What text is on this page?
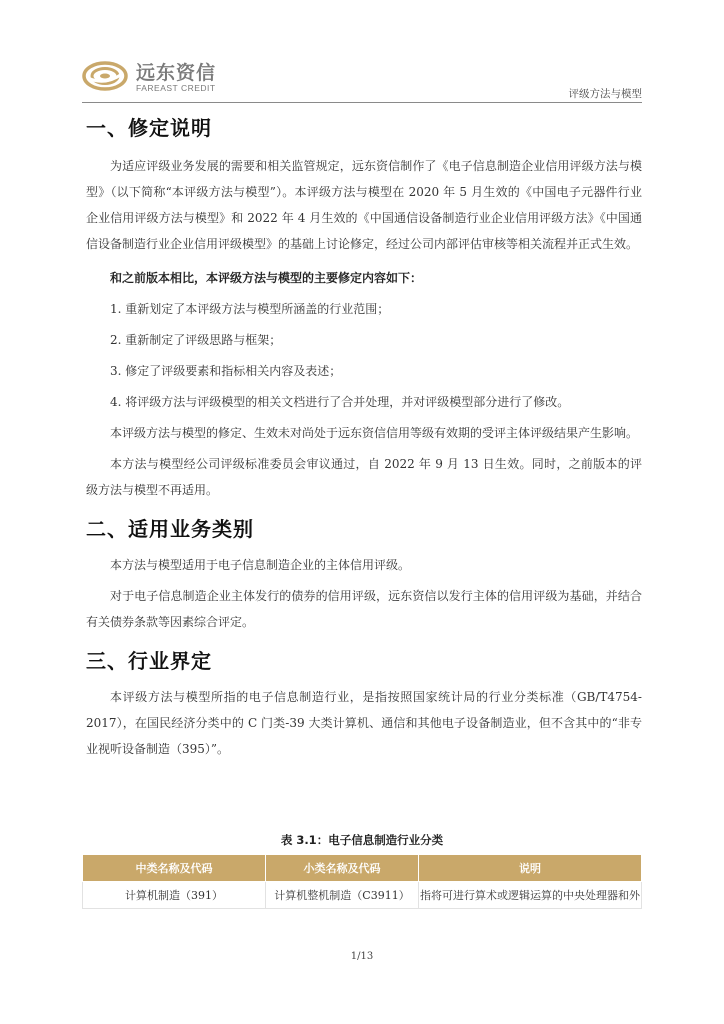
远东资信
FAREAST CREDIT	评级方法与模型
一、修定说明

为适应评级业务发展的需要和相关监管规定，远东资信制作了《电子信息制造企业信用评级方法与模型》（以下简称“本评级方法与模型”）。本评级方法与模型在 2020 年 5 月生效的《中国电子元器件行业企业信用评级方法与模型》和 2022 年 4 月生效的《中国通信设备制造行业企业信用评级方法》《中国通信设备制造行业企业信用评级模型》的基础上讨论修定，经过公司内部评估审核等相关流程并正式生效。

和之前版本相比，本评级方法与模型的主要修定内容如下：

1. 重新划定了本评级方法与模型所涵盖的行业范围；

2. 重新制定了评级思路与框架；

3. 修定了评级要素和指标相关内容及表述；

4. 将评级方法与评级模型的相关文档进行了合并处理，并对评级模型部分进行了修改。

本评级方法与模型的修定、生效未对尚处于远东资信信用等级有效期的受评主体评级结果产生影响。

本方法与模型经公司评级标准委员会审议通过，自 2022 年 9 月 13 日生效。同时，之前版本的评级方法与模型不再适用。

二、适用业务类别

本方法与模型适用于电子信息制造企业的主体信用评级。

对于电子信息制造企业主体发行的债券的信用评级，远东资信以发行主体的信用评级为基础，并结合有关债券条款等因素综合评定。

三、行业界定

本评级方法与模型所指的电子信息制造行业，是指按照国家统计局的行业分类标准（GB/T4754-2017），在国民经济分类中的 C 门类-39 大类计算机、通信和其他电子设备制造业，但不含其中的“非专业视听设备制造（395）”。

表 3.1：电子信息制造行业分类
中类名称及代码	小类名称及代码	说明
计算机制造（391）	计算机整机制造（C3911）	指将可进行算术或逻辑运算的中央处理器和外
1/13
